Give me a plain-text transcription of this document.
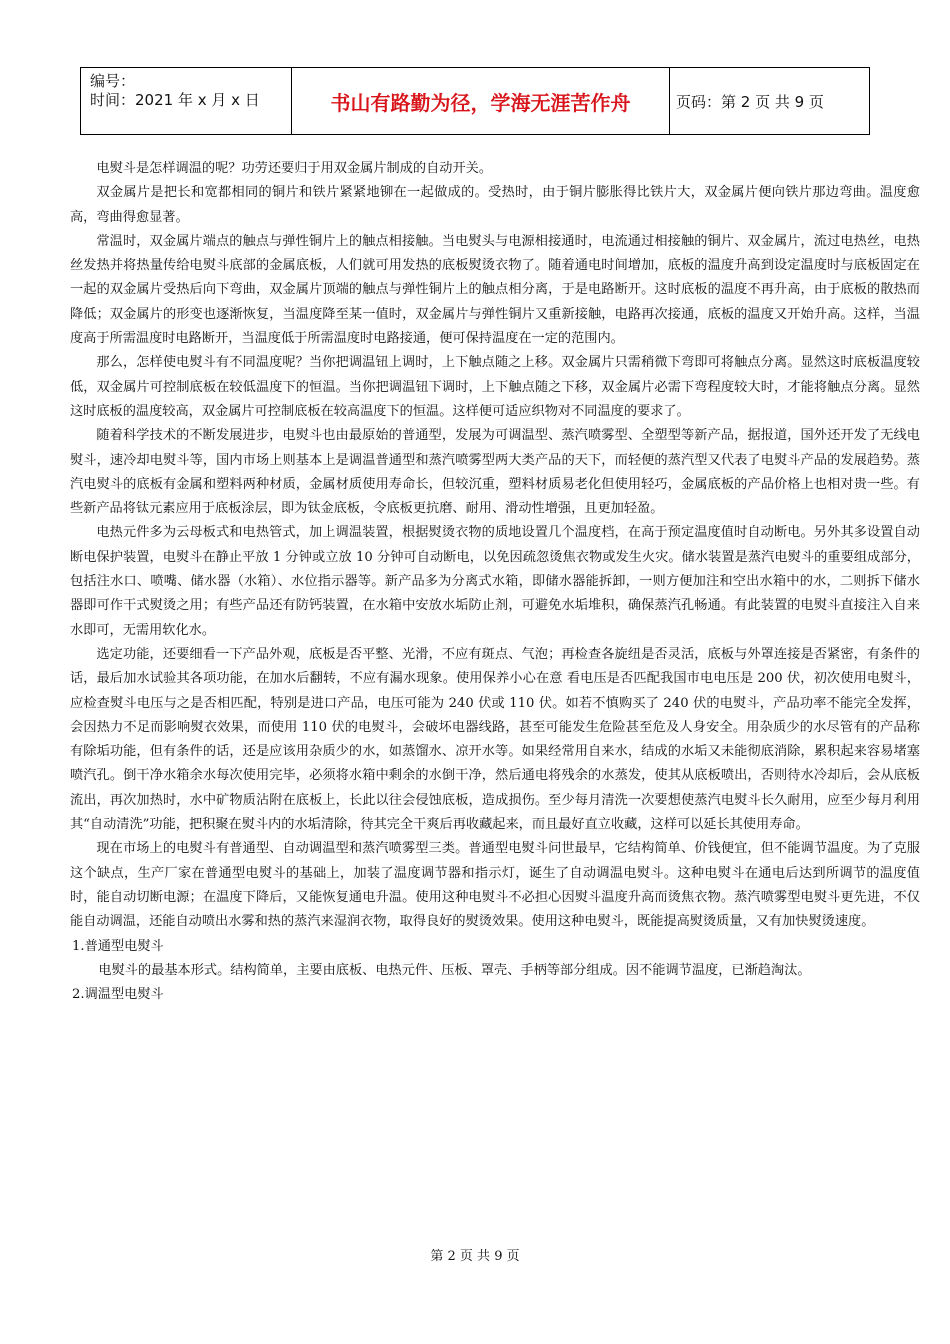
编号：
时间：2021 年 x 月 x 日	书山有路勤为径，学海无涯苦作舟	页码：第 2 页 共 9 页

电熨斗是怎样调温的呢？功劳还要归于用双金属片制成的自动开关。

双金属片是把长和宽都相同的铜片和铁片紧紧地铆在一起做成的。受热时，由于铜片膨胀得比铁片大，双金属片便向铁片那边弯曲。温度愈高，弯曲得愈显著。

常温时，双金属片端点的触点与弹性铜片上的触点相接触。当电熨头与电源相接通时，电流通过相接触的铜片、双金属片，流过电热丝，电热丝发热并将热量传给电熨斗底部的金属底板，人们就可用发热的底板熨烫衣物了。随着通电时间增加，底板的温度升高到设定温度时与底板固定在一起的双金属片受热后向下弯曲，双金属片顶端的触点与弹性铜片上的触点相分离，于是电路断开。这时底板的温度不再升高，由于底板的散热而降低；双金属片的形变也逐渐恢复，当温度降至某一值时，双金属片与弹性铜片又重新接触，电路再次接通，底板的温度又开始升高。这样，当温度高于所需温度时电路断开，当温度低于所需温度时电路接通，便可保持温度在一定的范围内。

那么，怎样使电熨斗有不同温度呢？当你把调温钮上调时，上下触点随之上移。双金属片只需稍微下弯即可将触点分离。显然这时底板温度较低，双金属片可控制底板在较低温度下的恒温。当你把调温钮下调时，上下触点随之下移，双金属片必需下弯程度较大时，才能将触点分离。显然这时底板的温度较高，双金属片可控制底板在较高温度下的恒温。这样便可适应织物对不同温度的要求了。

随着科学技术的不断发展进步，电熨斗也由最原始的普通型，发展为可调温型、蒸汽喷雾型、全塑型等新产品，据报道，国外还开发了无线电熨斗，速冷却电熨斗等，国内市场上则基本上是调温普通型和蒸汽喷雾型两大类产品的天下，而轻便的蒸汽型又代表了电熨斗产品的发展趋势。蒸汽电熨斗的底板有金属和塑料两种材质，金属材质使用寿命长，但较沉重，塑料材质易老化但使用轻巧，金属底板的产品价格上也相对贵一些。有些新产品将钛元素应用于底板涂层，即为钛金底板，令底板更抗磨、耐用、滑动性增强，且更加轻盈。

电热元件多为云母板式和电热管式，加上调温装置，根据熨烫衣物的质地设置几个温度档，在高于预定温度值时自动断电。另外其多设置自动断电保护装置，电熨斗在静止平放 1 分钟或立放 10 分钟可自动断电，以免因疏忽烫焦衣物或发生火灾。储水装置是蒸汽电熨斗的重要组成部分，包括注水口、喷嘴、储水器（水箱）、水位指示器等。新产品多为分离式水箱，即储水器能拆卸，一则方便加注和空出水箱中的水，二则拆下储水器即可作干式熨烫之用；有些产品还有防钙装置，在水箱中安放水垢防止剂，可避免水垢堆积，确保蒸汽孔畅通。有此装置的电熨斗直接注入自来水即可，无需用软化水。

选定功能，还要细看一下产品外观，底板是否平整、光滑，不应有斑点、气泡；再检查各旋纽是否灵活，底板与外罩连接是否紧密，有条件的话，最后加水试验其各项功能，在加水后翻转，不应有漏水现象。使用保养小心在意 看电压是否匹配我国市电电压是 200 伏，初次使用电熨斗，应检查熨斗电压与之是否相匹配，特别是进口产品，电压可能为 240 伏或 110 伏。如若不慎购买了 240 伏的电熨斗，产品功率不能完全发挥，会因热力不足而影响熨衣效果，而使用 110 伏的电熨斗，会破坏电器线路，甚至可能发生危险甚至危及人身安全。用杂质少的水尽管有的产品称有除垢功能，但有条件的话，还是应该用杂质少的水，如蒸馏水、凉开水等。如果经常用自来水，结成的水垢又未能彻底消除，累积起来容易堵塞喷汽孔。倒干净水箱余水每次使用完毕，必须将水箱中剩余的水倒干净，然后通电将残余的水蒸发，使其从底板喷出，否则待水冷却后，会从底板流出，再次加热时，水中矿物质沾附在底板上，长此以往会侵蚀底板，造成损伤。至少每月清洗一次要想使蒸汽电熨斗长久耐用，应至少每月利用其“自动清洗”功能，把积聚在熨斗内的水垢清除，待其完全干爽后再收藏起来，而且最好直立收藏，这样可以延长其使用寿命。

现在市场上的电熨斗有普通型、自动调温型和蒸汽喷雾型三类。普通型电熨斗问世最早，它结构简单、价钱便宜，但不能调节温度。为了克服这个缺点，生产厂家在普通型电熨斗的基础上，加装了温度调节器和指示灯，诞生了自动调温电熨斗。这种电熨斗在通电后达到所调节的温度值时，能自动切断电源；在温度下降后，又能恢复通电升温。使用这种电熨斗不必担心因熨斗温度升高而烫焦衣物。蒸汽喷雾型电熨斗更先进，不仅能自动调温，还能自动喷出水雾和热的蒸汽来湿润衣物，取得良好的熨烫效果。使用这种电熨斗，既能提高熨烫质量，又有加快熨烫速度。

1.普通型电熨斗

电熨斗的最基本形式。结构简单，主要由底板、电热元件、压板、罩壳、手柄等部分组成。因不能调节温度，已渐趋淘汰。

2.调温型电熨斗

第 2 页 共 9 页
